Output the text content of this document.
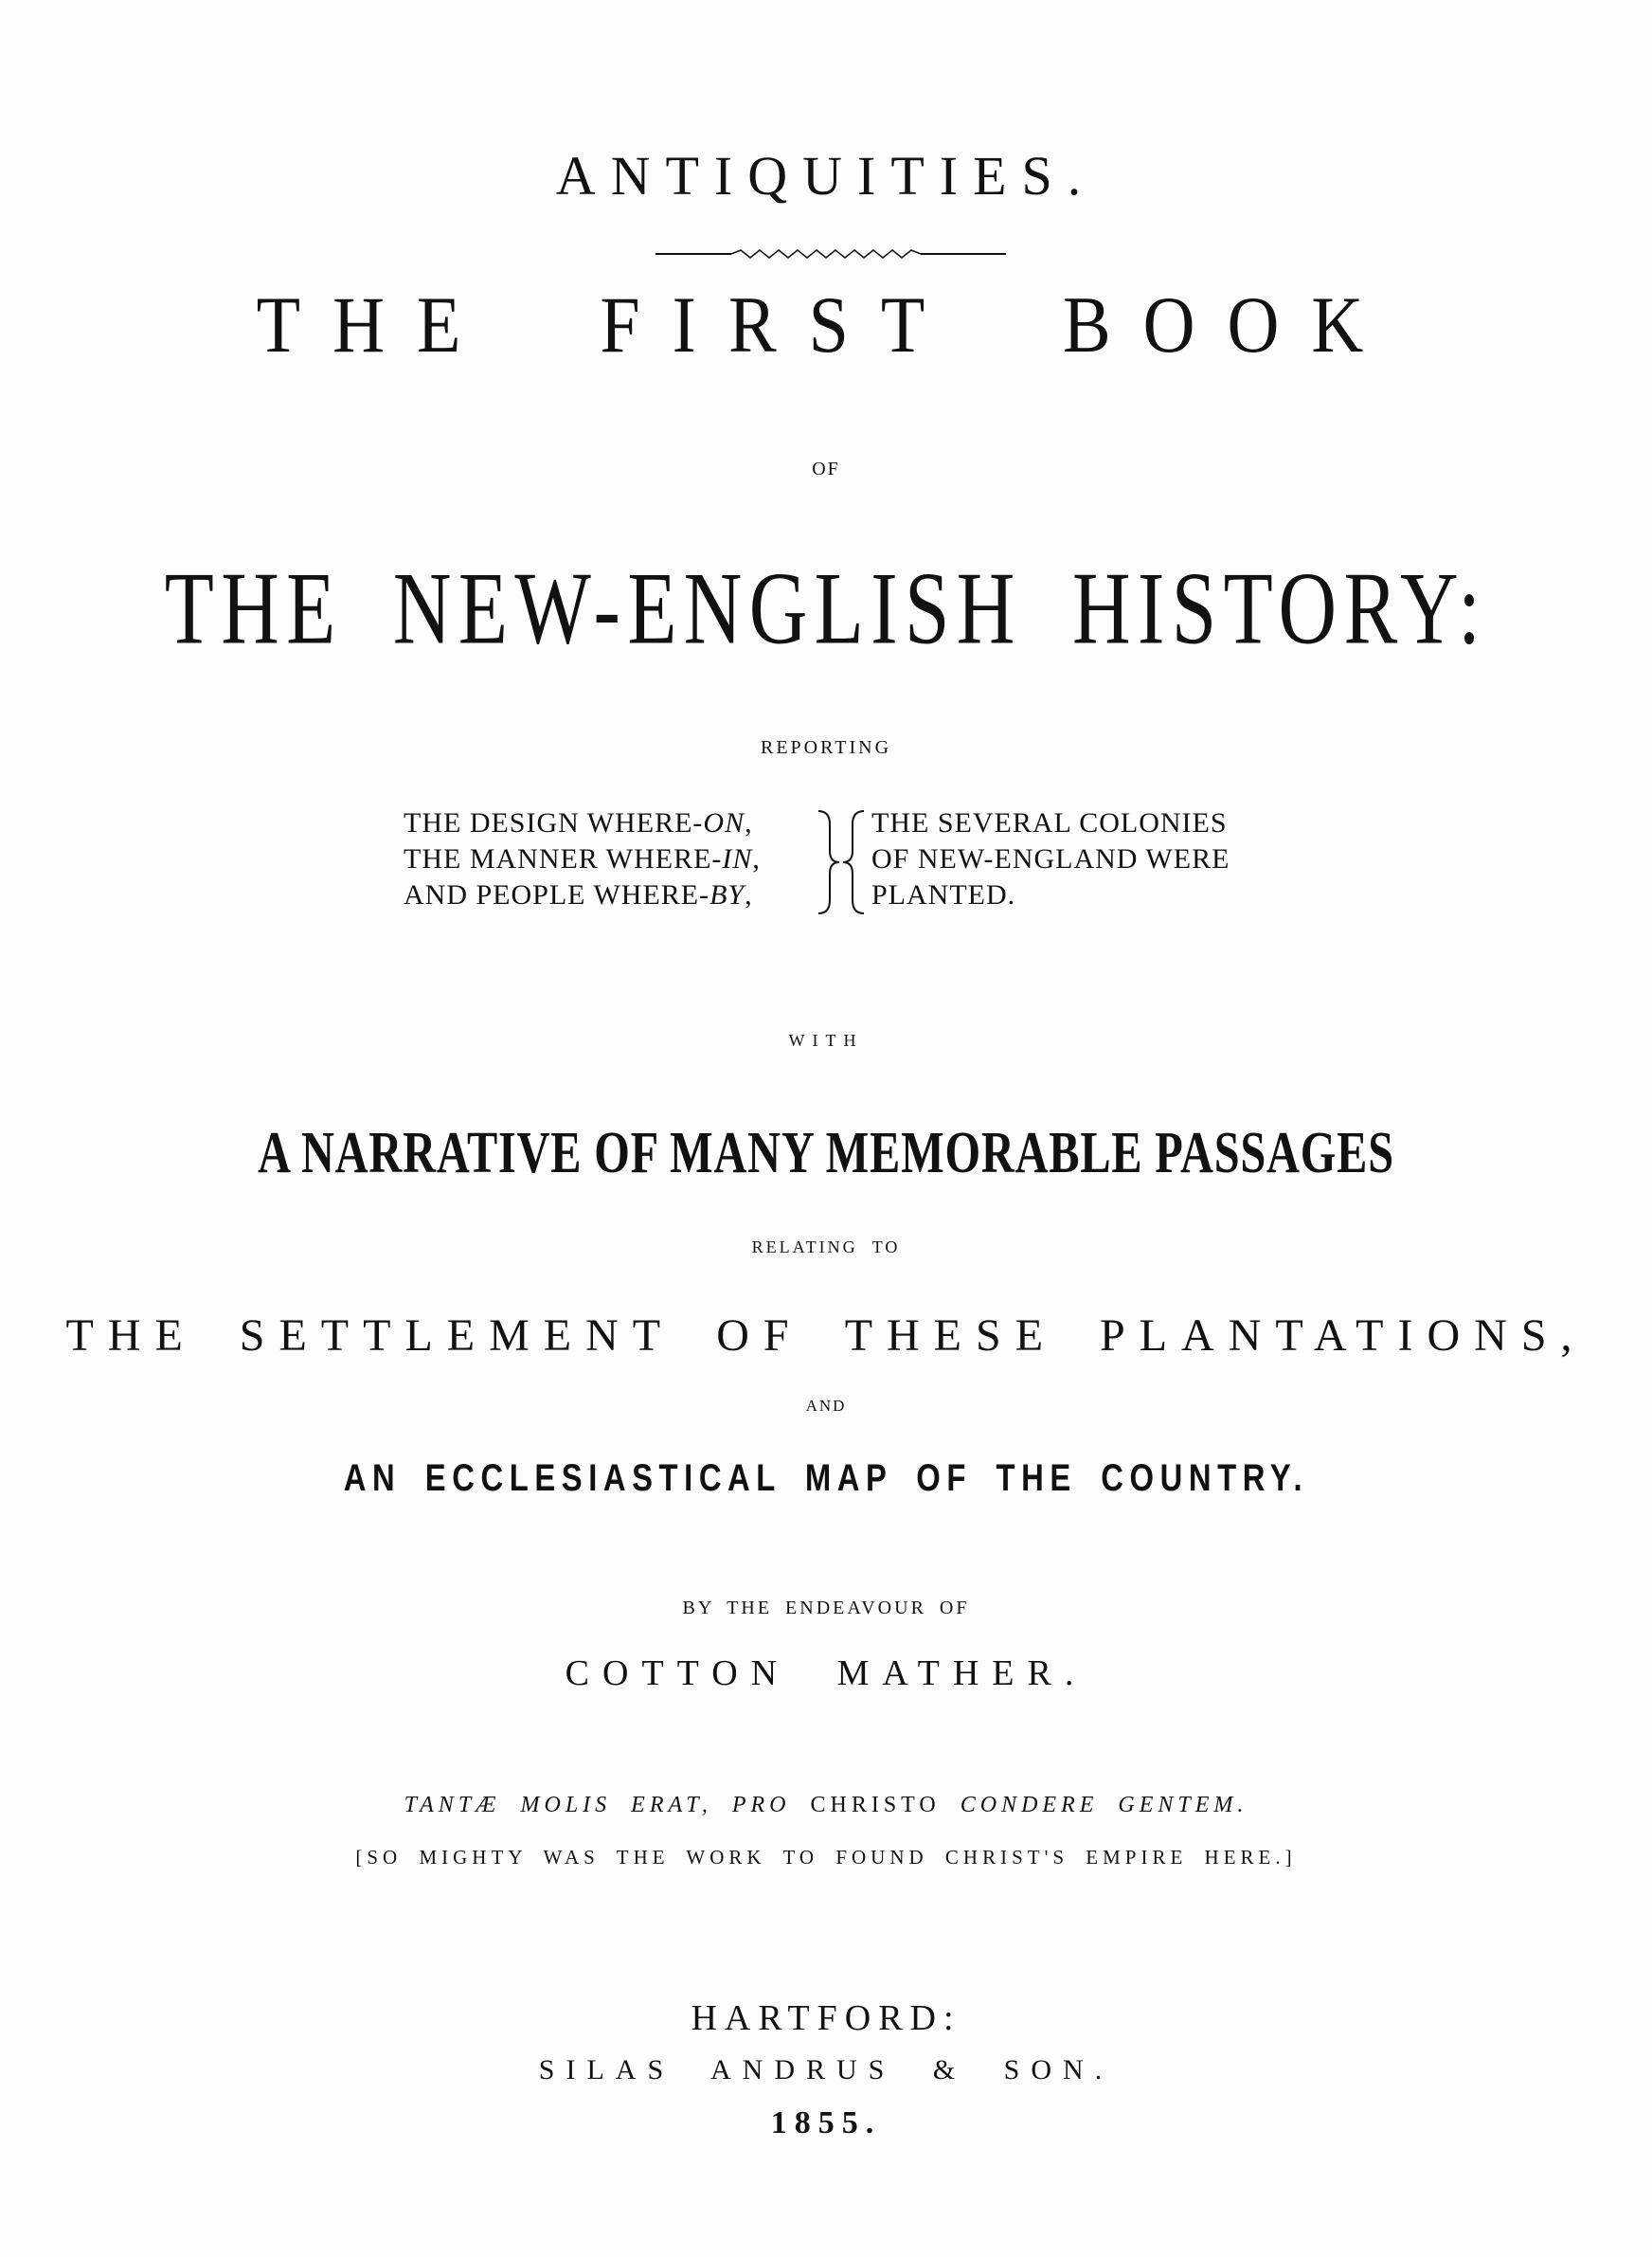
ANTIQUITIES.
THE FIRST BOOK
OF
THE NEW-ENGLISH HISTORY:
REPORTING
THE DESIGN WHERE-ON,
THE MANNER WHERE-IN,
AND PEOPLE WHERE-BY,
THE SEVERAL COLONIES
OF NEW-ENGLAND WERE
PLANTED.
WITH
A NARRATIVE OF MANY MEMORABLE PASSAGES
RELATING TO
THE SETTLEMENT OF THESE PLANTATIONS,
AND
AN ECCLESIASTICAL MAP OF THE COUNTRY.
BY THE ENDEAVOUR OF
COTTON MATHER.
TANTÆ MOLIS ERAT, PRO CHRISTO CONDERE GENTEM.
[SO MIGHTY WAS THE WORK TO FOUND CHRIST'S EMPIRE HERE.]
HARTFORD:
SILAS ANDRUS & SON.
1855.
